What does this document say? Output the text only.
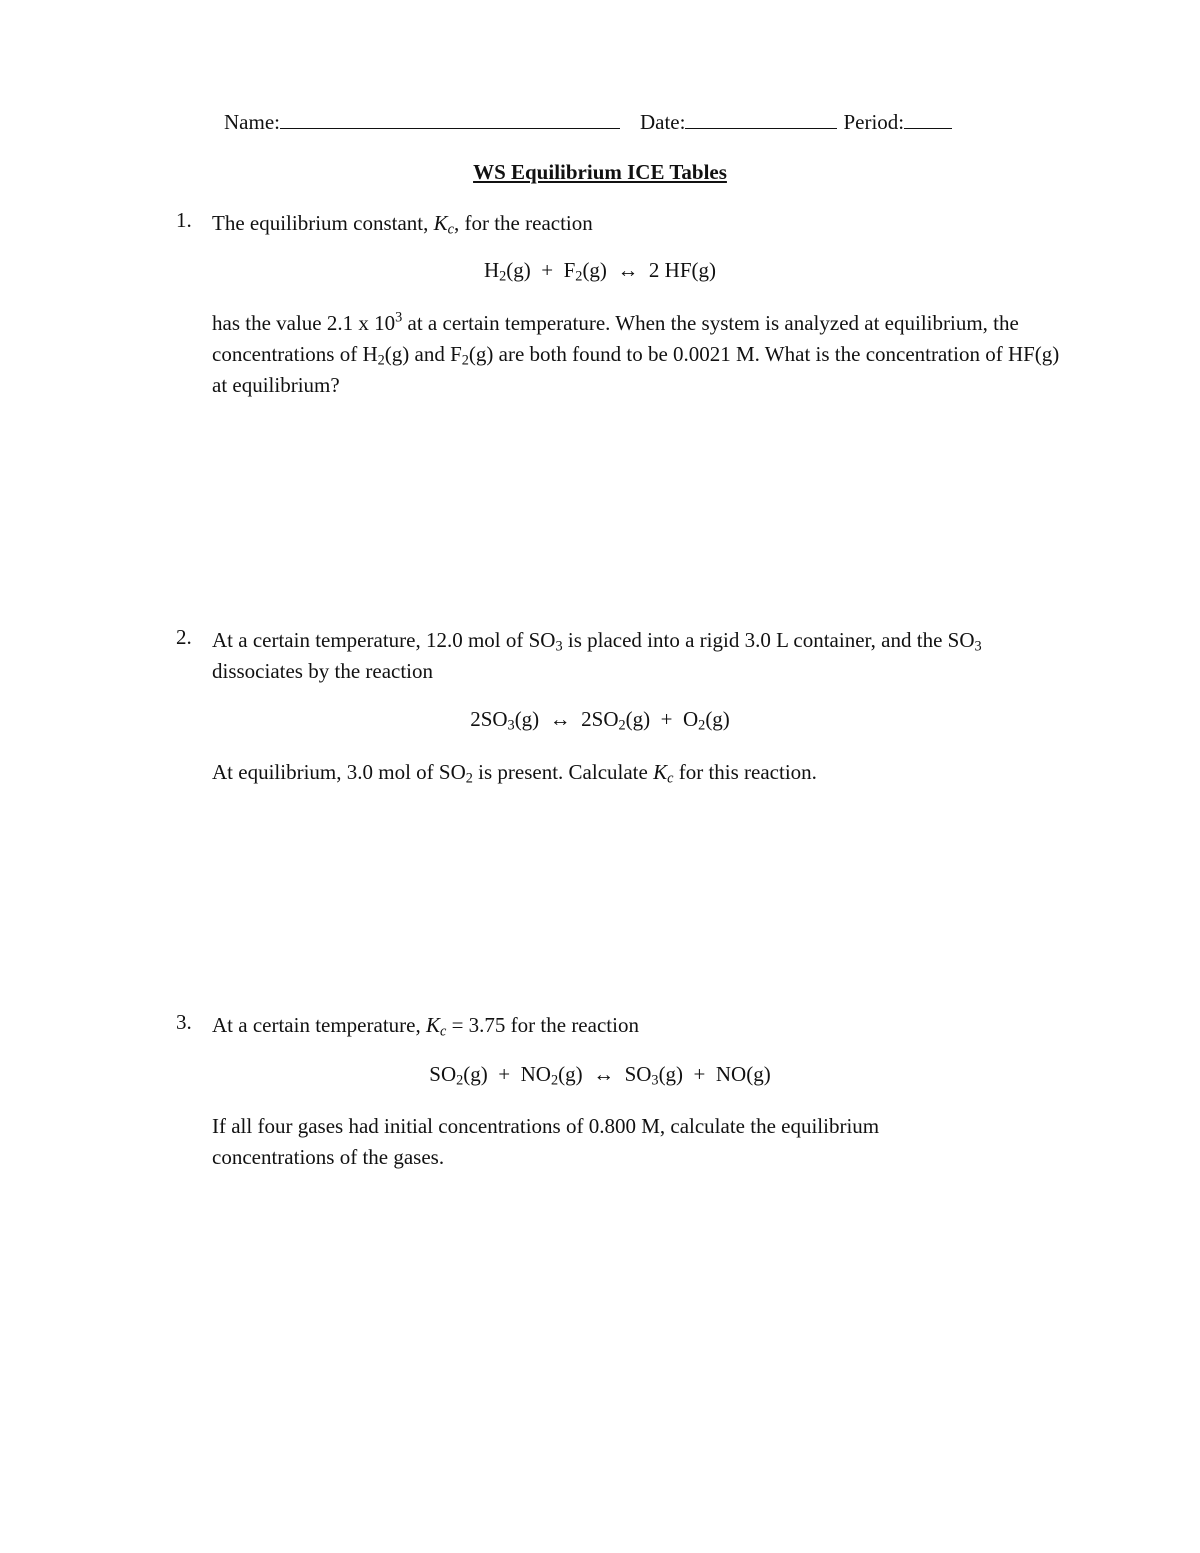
Name:	Date:	Period:
WS Equilibrium ICE Tables
1. The equilibrium constant, $K_c$, for the reaction
$H_2(g) + F_2(g)$  ↔  2 HF(g)
has the value 2.1 x $10^3$ at a certain temperature. When the system is analyzed at equilibrium, the concentrations of $H_2(g)$ and $F_2(g)$ are both found to be 0.0021 M. What is the concentration of HF(g) at equilibrium?
2. At a certain temperature, 12.0 mol of $SO_3$ is placed into a rigid 3.0 L container, and the $SO_3$ dissociates by the reaction
$2SO_3(g)$  ↔  $2SO_2(g) + O_2(g)$
At equilibrium, 3.0 mol of $SO_2$ is present. Calculate $K_c$ for this reaction.
3. At a certain temperature, $K_c = 3.75$ for the reaction
$SO_2(g) + NO_2(g)$  ↔  $SO_3(g) + NO(g)$
If all four gases had initial concentrations of 0.800 M, calculate the equilibrium concentrations of the gases.
